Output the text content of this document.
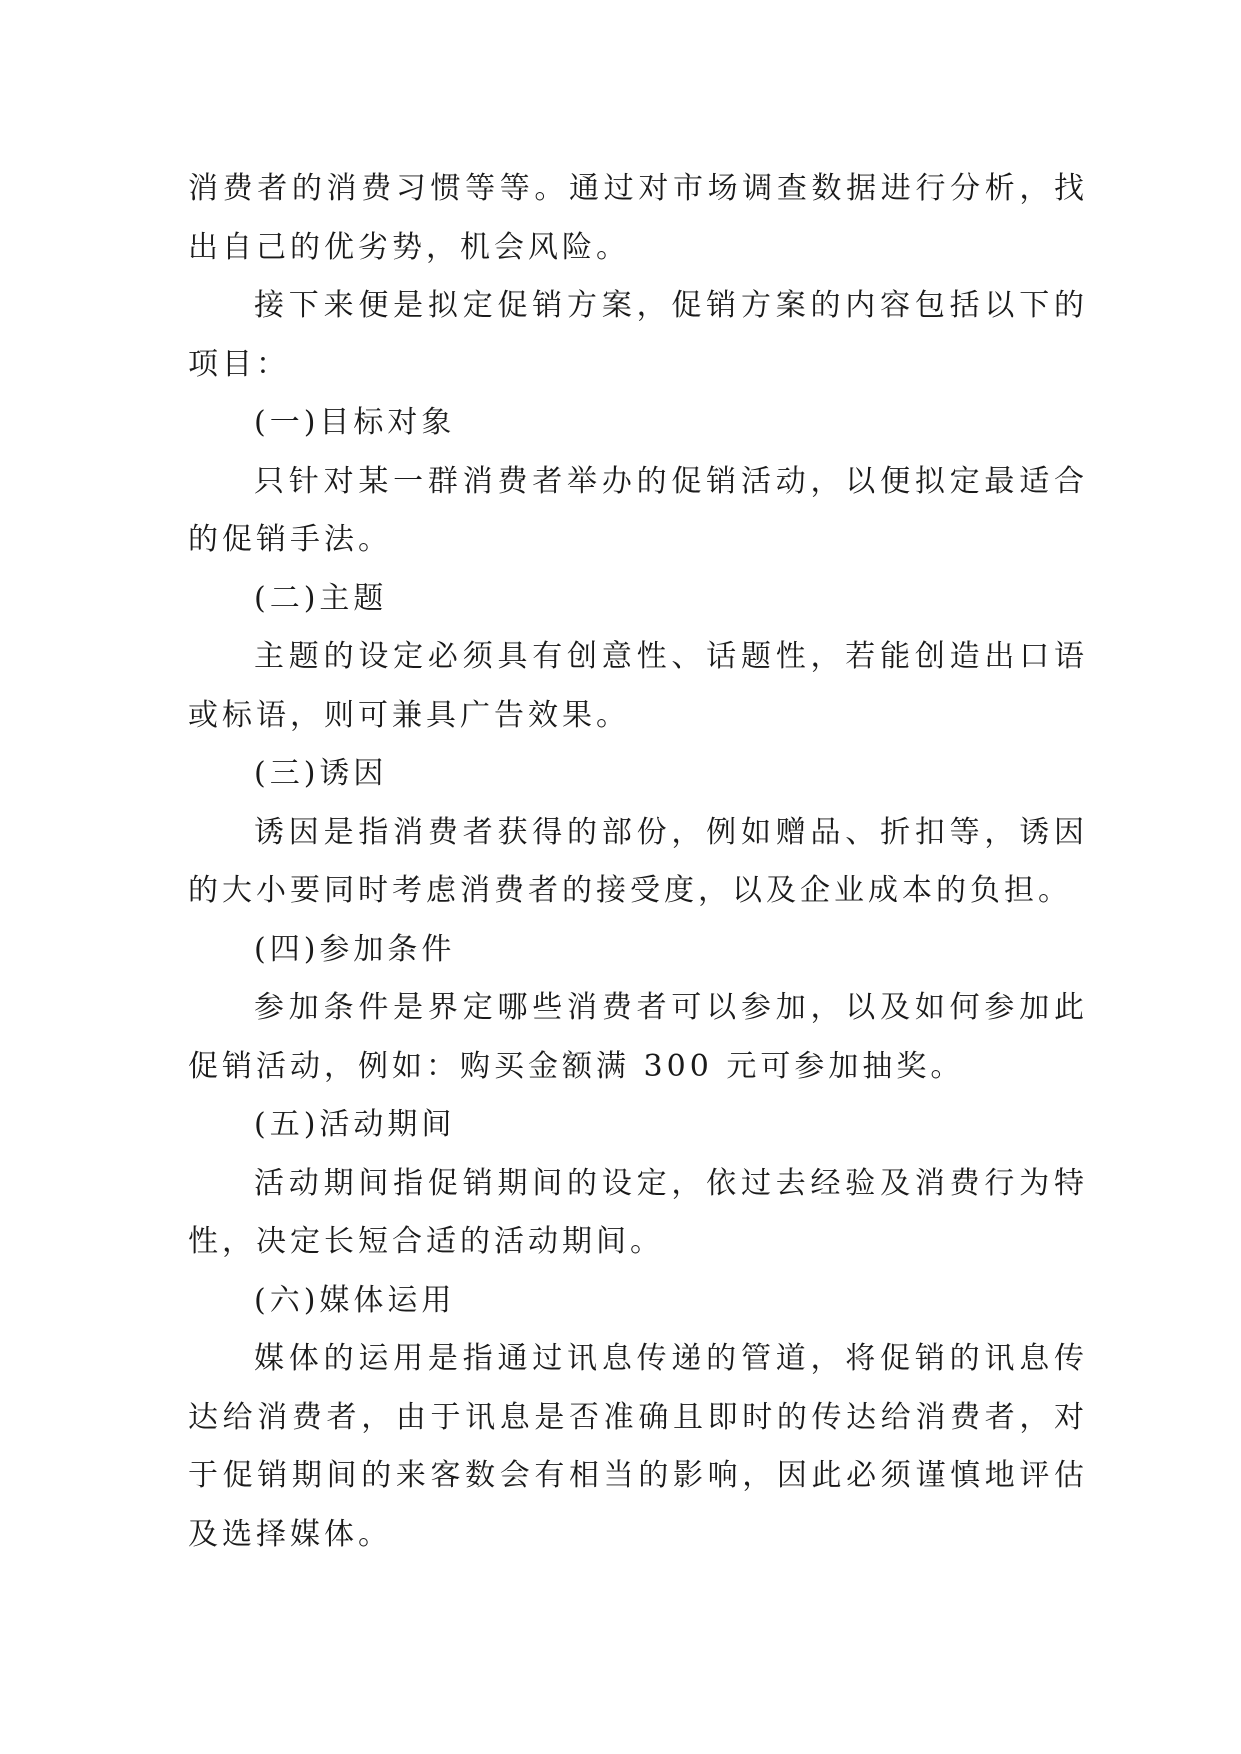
消费者的消费习惯等等。通过对市场调查数据进行分析，找出自己的优劣势，机会风险。

接下来便是拟定促销方案，促销方案的内容包括以下的项目：

(一)目标对象

只针对某一群消费者举办的促销活动，以便拟定最适合的促销手法。

(二)主题

主题的设定必须具有创意性、话题性，若能创造出口语或标语，则可兼具广告效果。

(三)诱因

诱因是指消费者获得的部份，例如赠品、折扣等，诱因的大小要同时考虑消费者的接受度，以及企业成本的负担。

(四)参加条件

参加条件是界定哪些消费者可以参加，以及如何参加此促销活动，例如：购买金额满 300 元可参加抽奖。

(五)活动期间

活动期间指促销期间的设定，依过去经验及消费行为特性，决定长短合适的活动期间。

(六)媒体运用

媒体的运用是指通过讯息传递的管道，将促销的讯息传达给消费者，由于讯息是否准确且即时的传达给消费者，对于促销期间的来客数会有相当的影响，因此必须谨慎地评估及选择媒体。
